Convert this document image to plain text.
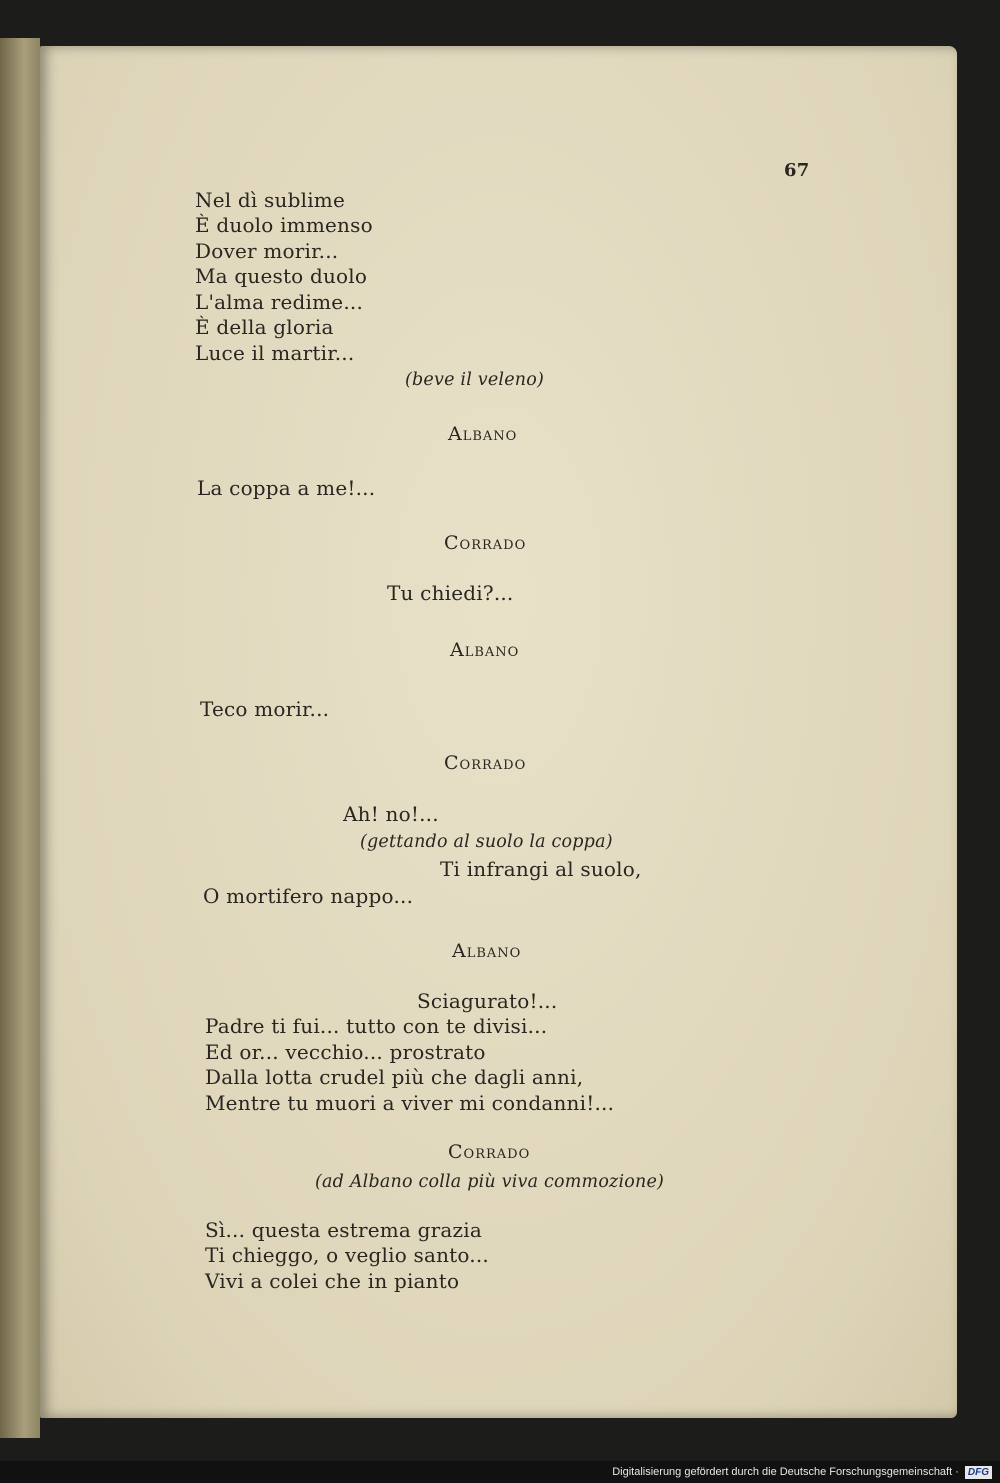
67
Nel dì sublime
È duolo immenso
Dover morir...
Ma questo duolo
L'alma redime...
È della gloria
Luce il martir...
(beve il veleno)
Albano
La coppa a me!...
Corrado
Tu chiedi?...
Albano
Teco morir...
Corrado
Ah! no!...
(gettando al suolo la coppa)
Ti infrangi al suolo,
O mortifero nappo...
Albano
Sciagurato!...
Padre ti fui... tutto con te divisi...
Ed or... vecchio... prostrato
Dalla lotta crudel più che dagli anni,
Mentre tu muori a viver mi condanni!...
Corrado
(ad Albano colla più viva commozione)
Sì... questa estrema grazia
Ti chieggo, o veglio santo...
Vivi a colei che in pianto
Digitalisierung gefördert durch die Deutsche Forschungsgemeinschaft · DFG
